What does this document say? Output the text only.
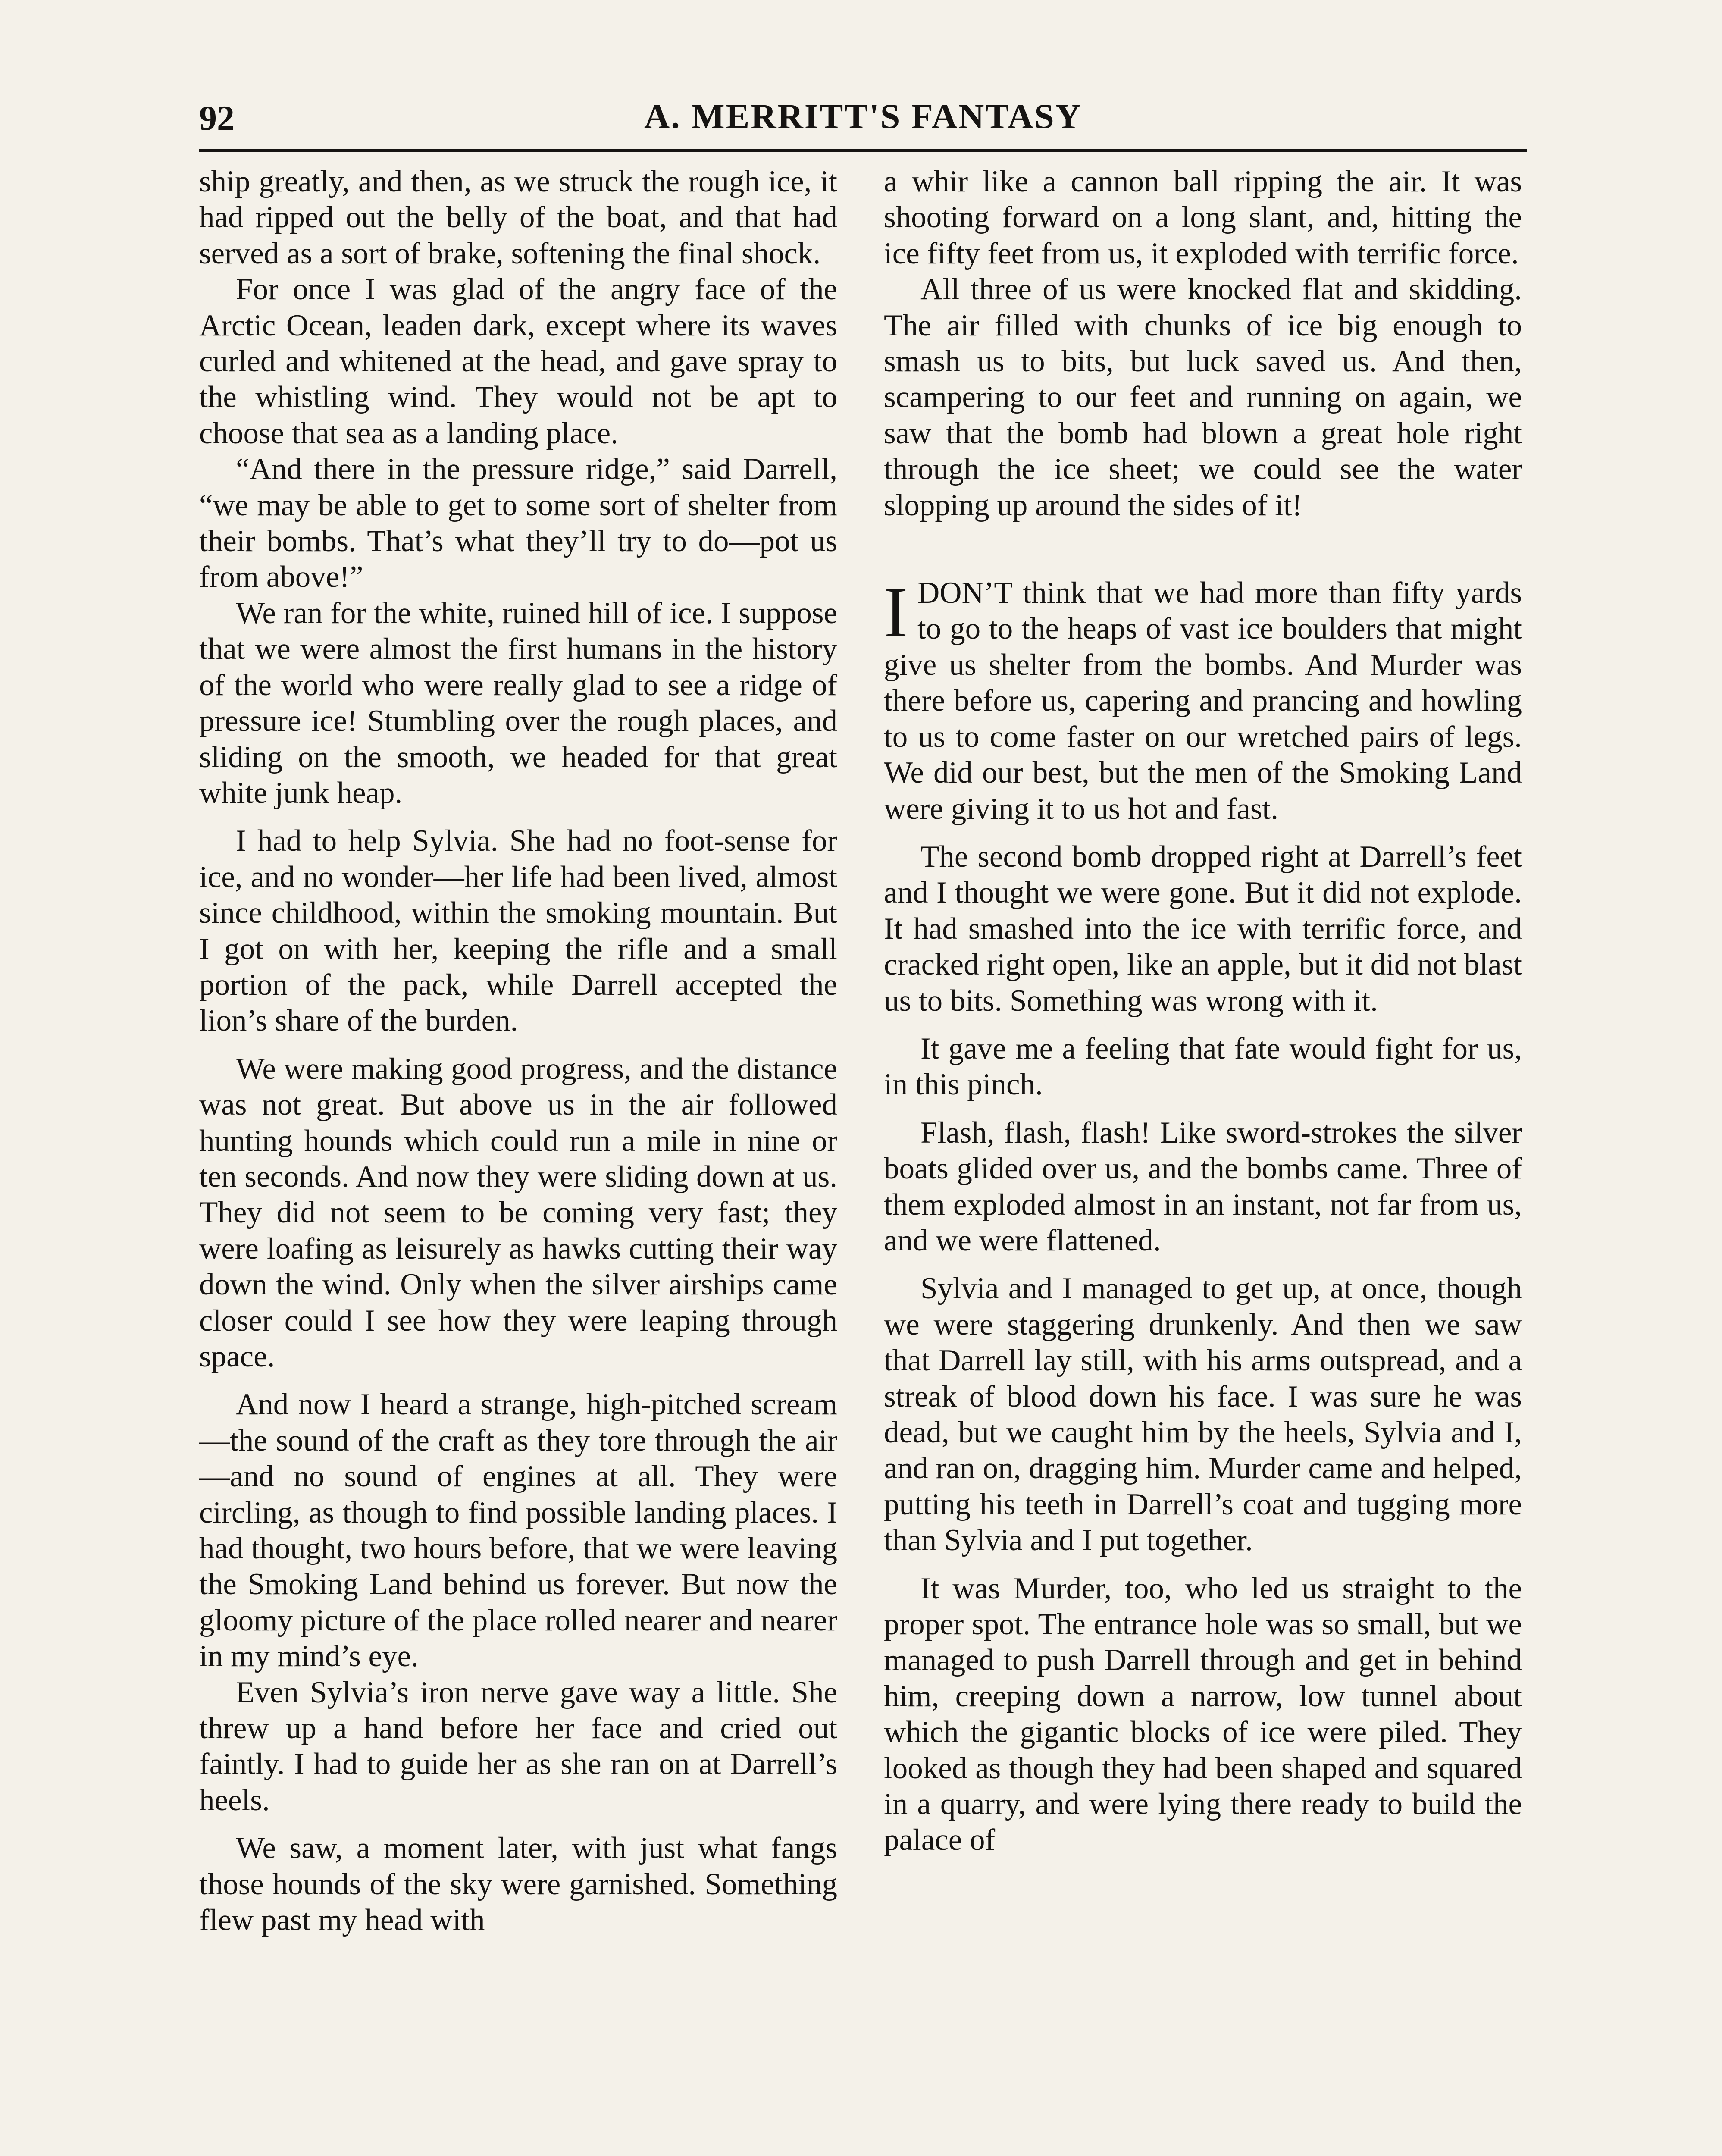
92	A. MERRITT'S FANTASY

ship greatly, and then, as we struck the rough ice, it had ripped out the belly of the boat, and that had served as a sort of brake, softening the final shock.

For once I was glad of the angry face of the Arctic Ocean, leaden dark, except where its waves curled and whitened at the head, and gave spray to the whistling wind. They would not be apt to choose that sea as a landing place.

“And there in the pressure ridge,” said Darrell, “we may be able to get to some sort of shelter from their bombs. That’s what they’ll try to do—pot us from above!”

We ran for the white, ruined hill of ice. I suppose that we were almost the first humans in the history of the world who were really glad to see a ridge of pressure ice! Stumbling over the rough places, and sliding on the smooth, we headed for that great white junk heap.

I had to help Sylvia. She had no foot-sense for ice, and no wonder—her life had been lived, almost since childhood, within the smoking mountain. But I got on with her, keeping the rifle and a small portion of the pack, while Darrell accepted the lion’s share of the burden.

We were making good progress, and the distance was not great. But above us in the air followed hunting hounds which could run a mile in nine or ten seconds. And now they were sliding down at us. They did not seem to be coming very fast; they were loafing as leisurely as hawks cutting their way down the wind. Only when the silver airships came closer could I see how they were leaping through space.

And now I heard a strange, high-pitched scream—the sound of the craft as they tore through the air—and no sound of engines at all. They were circling, as though to find possible landing places. I had thought, two hours before, that we were leaving the Smoking Land behind us forever. But now the gloomy picture of the place rolled nearer and nearer in my mind’s eye.

Even Sylvia’s iron nerve gave way a little. She threw up a hand before her face and cried out faintly. I had to guide her as she ran on at Darrell’s heels.

We saw, a moment later, with just what fangs those hounds of the sky were garnished. Something flew past my head with

a whir like a cannon ball ripping the air. It was shooting forward on a long slant, and, hitting the ice fifty feet from us, it exploded with terrific force.

All three of us were knocked flat and skidding. The air filled with chunks of ice big enough to smash us to bits, but luck saved us. And then, scampering to our feet and running on again, we saw that the bomb had blown a great hole right through the ice sheet; we could see the water slopping up around the sides of it!

I DON’T think that we had more than fifty yards to go to the heaps of vast ice boulders that might give us shelter from the bombs. And Murder was there before us, capering and prancing and howling to us to come faster on our wretched pairs of legs. We did our best, but the men of the Smoking Land were giving it to us hot and fast.

The second bomb dropped right at Darrell’s feet and I thought we were gone. But it did not explode. It had smashed into the ice with terrific force, and cracked right open, like an apple, but it did not blast us to bits. Something was wrong with it.

It gave me a feeling that fate would fight for us, in this pinch.

Flash, flash, flash! Like sword-strokes the silver boats glided over us, and the bombs came. Three of them exploded almost in an instant, not far from us, and we were flattened.

Sylvia and I managed to get up, at once, though we were staggering drunkenly. And then we saw that Darrell lay still, with his arms outspread, and a streak of blood down his face. I was sure he was dead, but we caught him by the heels, Sylvia and I, and ran on, dragging him. Murder came and helped, putting his teeth in Darrell’s coat and tugging more than Sylvia and I put together.

It was Murder, too, who led us straight to the proper spot. The entrance hole was so small, but we managed to push Darrell through and get in behind him, creeping down a narrow, low tunnel about which the gigantic blocks of ice were piled. They looked as though they had been shaped and squared in a quarry, and were lying there ready to build the palace of
